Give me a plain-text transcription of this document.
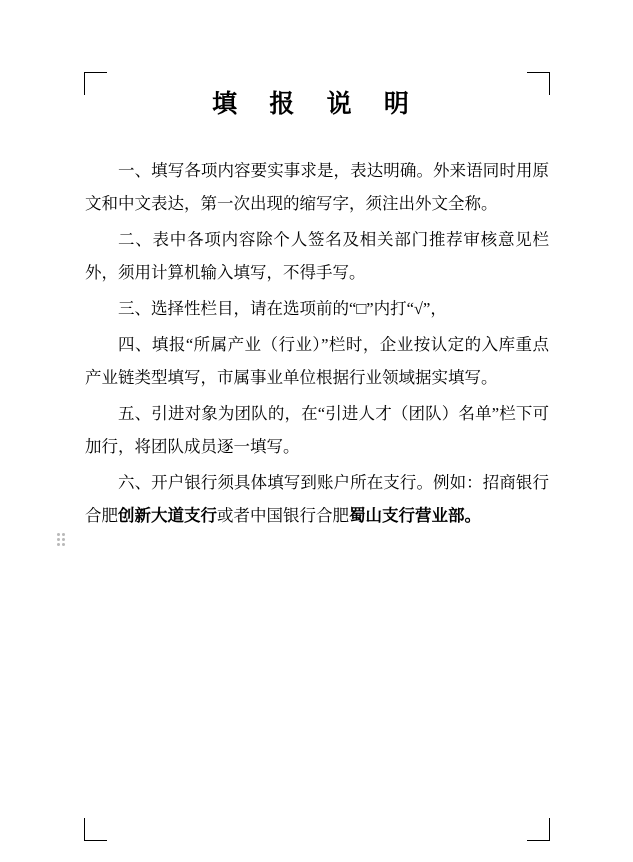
填 报 说 明

一、填写各项内容要实事求是，表达明确。外来语同时用原文和中文表达，第一次出现的缩写字，须注出外文全称。

二、表中各项内容除个人签名及相关部门推荐审核意见栏外，须用计算机输入填写，不得手写。

三、选择性栏目，请在选项前的“□”内打“√”，

四、填报“所属产业（行业）”栏时，企业按认定的入库重点产业链类型填写，市属事业单位根据行业领域据实填写。

五、引进对象为团队的，在“引进人才（团队）名单”栏下可加行，将团队成员逐一填写。

六、开户银行须具体填写到账户所在支行。例如：招商银行合肥创新大道支行或者中国银行合肥蜀山支行营业部。
